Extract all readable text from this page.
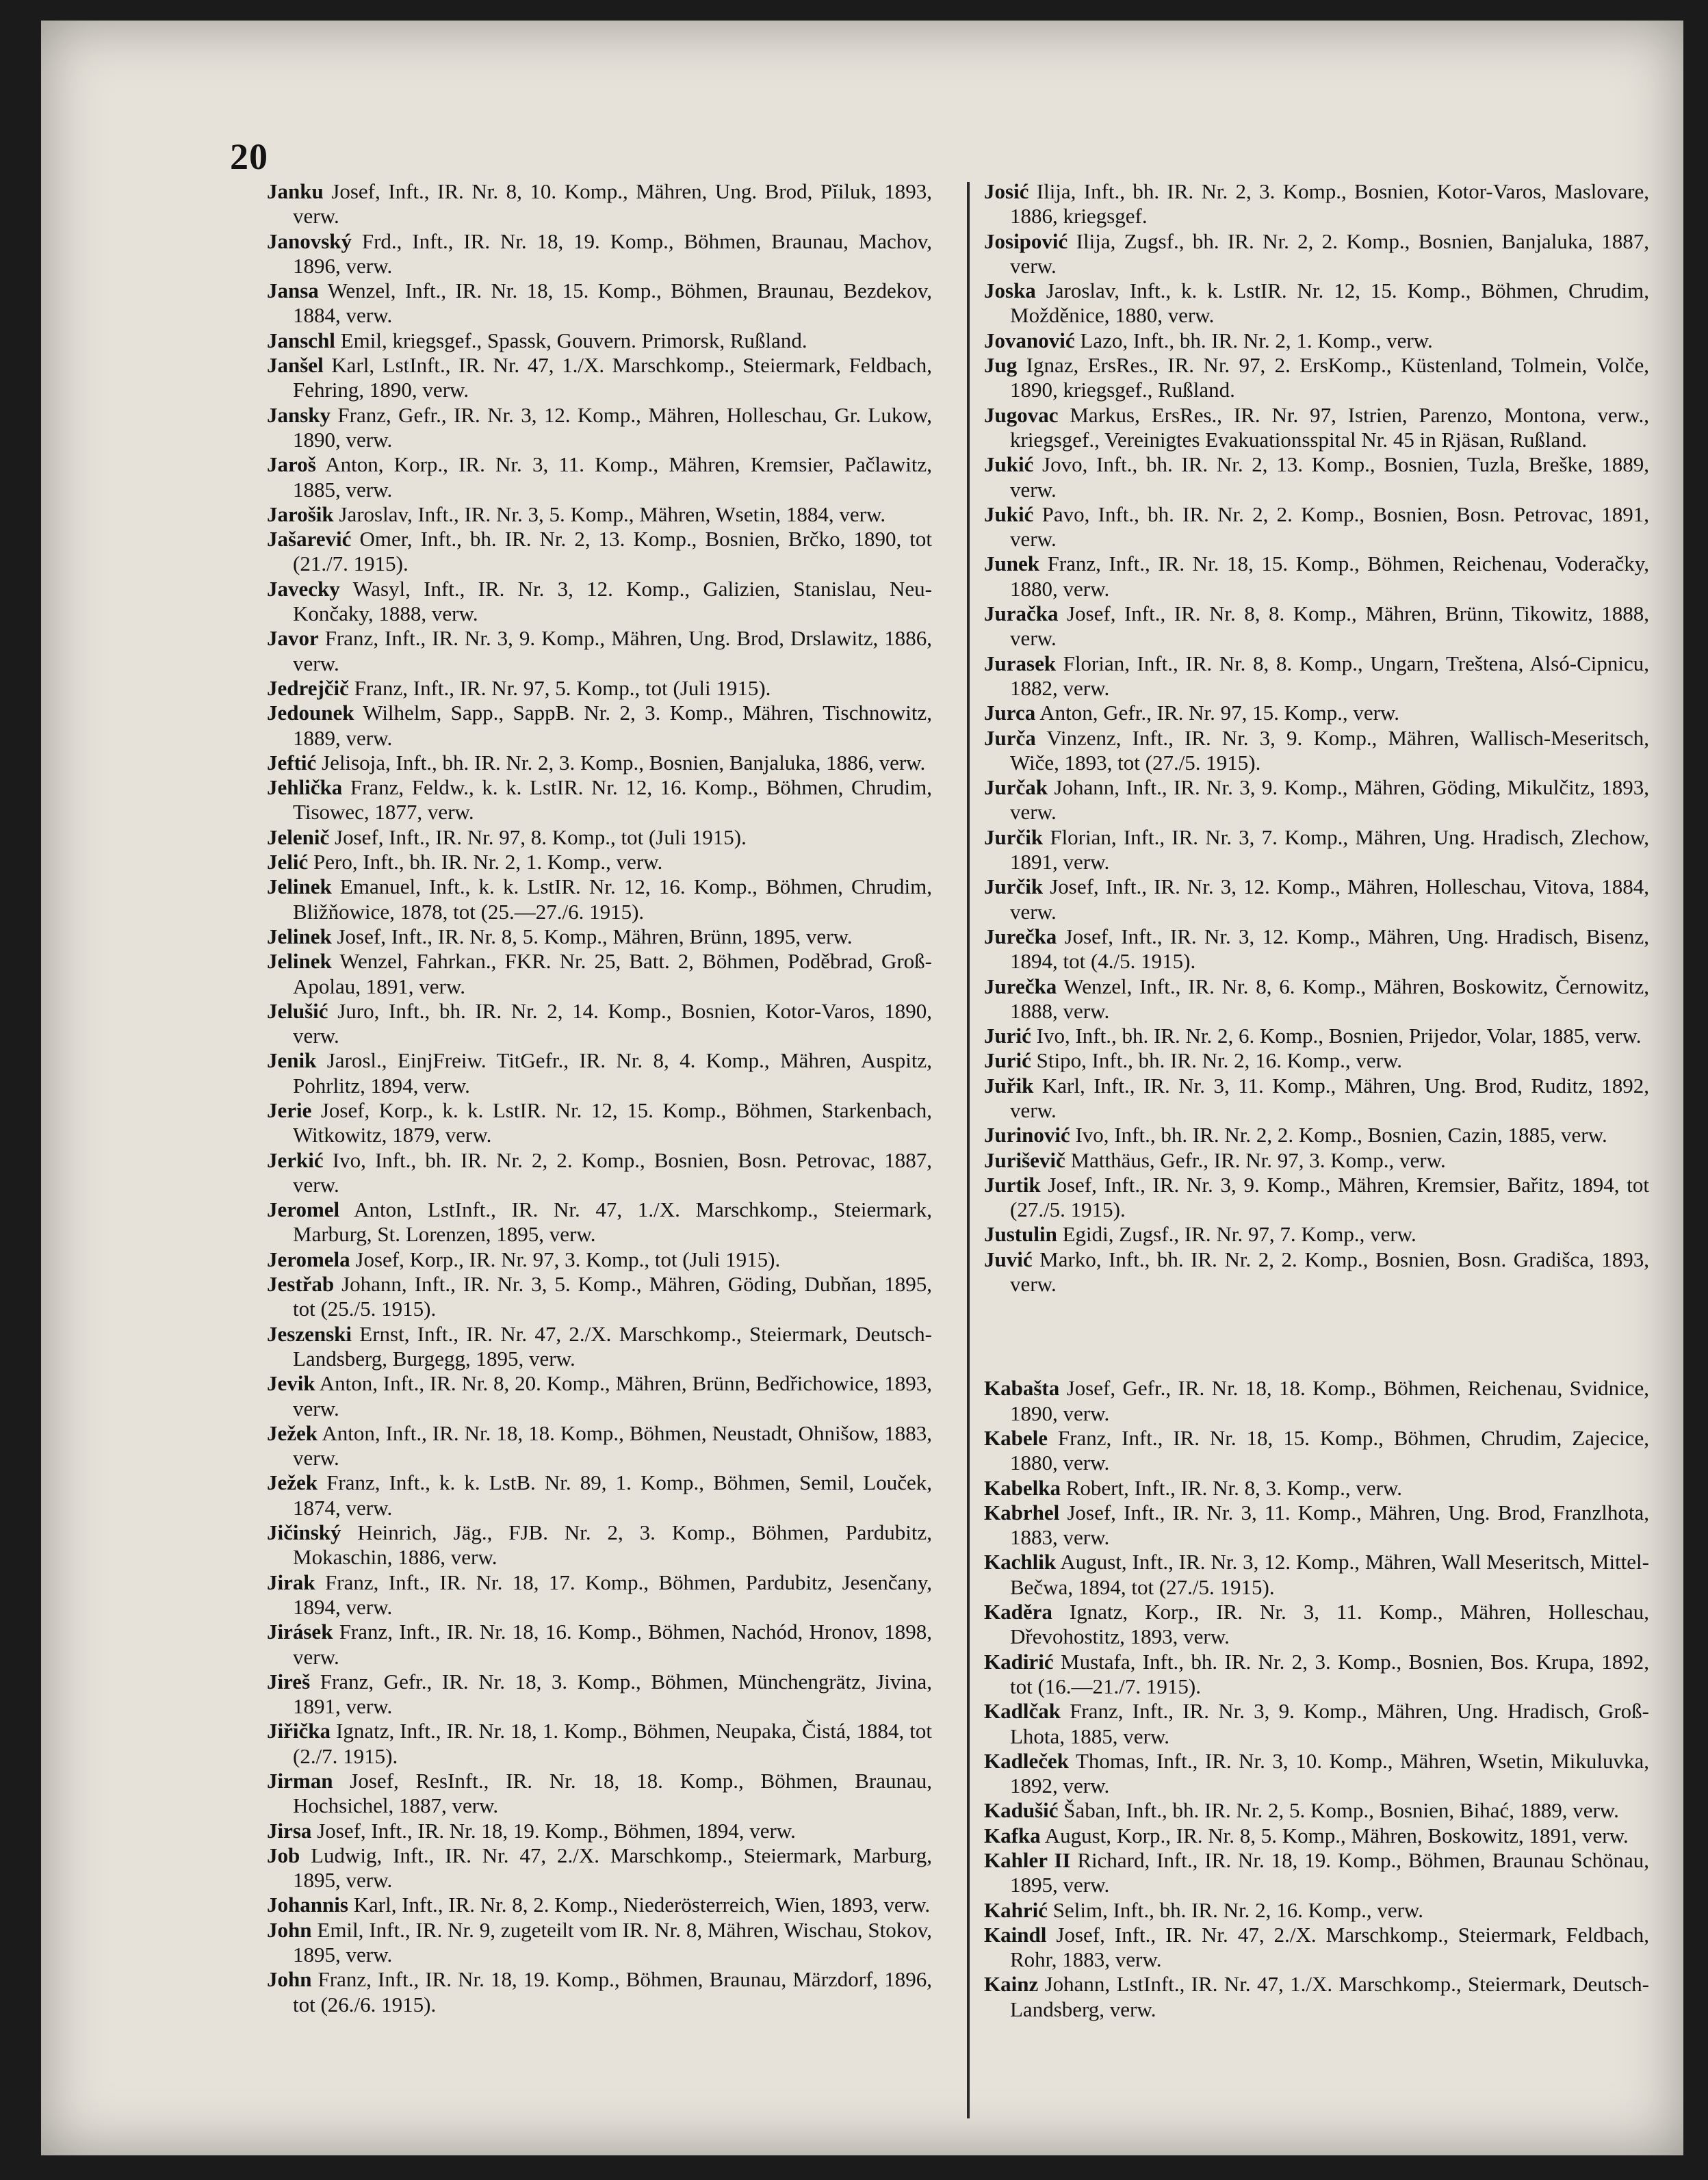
20

Janku Josef, Inft., IR. Nr. 8, 10. Komp., Mähren, Ung. Brod, Pĭiluk, 1893, verw.

Janovský Frd., Inft., IR. Nr. 18, 19. Komp., Böhmen, Braunau, Machov, 1896, verw.

Jansa Wenzel, Inft., IR. Nr. 18, 15. Komp., Böhmen, Braunau, Bezdekov, 1884, verw.

Janschl Emil, kriegsgef., Spassk, Gouvern. Primorsk, Rußland.

Janšel Karl, LstInft., IR. Nr. 47, 1./X. Marschkomp., Steiermark, Feldbach, Fehring, 1890, verw.

Jansky Franz, Gefr., IR. Nr. 3, 12. Komp., Mähren, Holleschau, Gr. Lukow, 1890, verw.

Jaroš Anton, Korp., IR. Nr. 3, 11. Komp., Mähren, Kremsier, Pačlawitz, 1885, verw.

Jarošik Jaroslav, Inft., IR. Nr. 3, 5. Komp., Mähren, Wsetin, 1884, verw.

Jašarević Omer, Inft., bh. IR. Nr. 2, 13. Komp., Bosnien, Brčko, 1890, tot (21./7. 1915).

Javecky Wasyl, Inft., IR. Nr. 3, 12. Komp., Galizien, Stanislau, Neu-Končaky, 1888, verw.

Javor Franz, Inft., IR. Nr. 3, 9. Komp., Mähren, Ung. Brod, Drslawitz, 1886, verw.

Jedrejčič Franz, Inft., IR. Nr. 97, 5. Komp., tot (Juli 1915).

Jedounek Wilhelm, Sapp., SappB. Nr. 2, 3. Komp., Mähren, Tischnowitz, 1889, verw.

Jeftić Jelisoja, Inft., bh. IR. Nr. 2, 3. Komp., Bosnien, Banjaluka, 1886, verw.

Jehlička Franz, Feldw., k. k. LstIR. Nr. 12, 16. Komp., Böhmen, Chrudim, Tisowec, 1877, verw.

Jelenič Josef, Inft., IR. Nr. 97, 8. Komp., tot (Juli 1915).

Jelić Pero, Inft., bh. IR. Nr. 2, 1. Komp., verw.

Jelinek Emanuel, Inft., k. k. LstIR. Nr. 12, 16. Komp., Böhmen, Chrudim, Bližňowice, 1878, tot (25.—27./6. 1915).

Jelinek Josef, Inft., IR. Nr. 8, 5. Komp., Mähren, Brünn, 1895, verw.

Jelinek Wenzel, Fahrkan., FKR. Nr. 25, Batt. 2, Böhmen, Poděbrad, Groß-Apolau, 1891, verw.

Jelušić Juro, Inft., bh. IR. Nr. 2, 14. Komp., Bosnien, Kotor-Varos, 1890, verw.

Jenik Jarosl., EinjFreiw. TitGefr., IR. Nr. 8, 4. Komp., Mähren, Auspitz, Pohrlitz, 1894, verw.

Jerie Josef, Korp., k. k. LstIR. Nr. 12, 15. Komp., Böhmen, Starkenbach, Witkowitz, 1879, verw.

Jerkić Ivo, Inft., bh. IR. Nr. 2, 2. Komp., Bosnien, Bosn. Petrovac, 1887, verw.

Jeromel Anton, LstInft., IR. Nr. 47, 1./X. Marschkomp., Steiermark, Marburg, St. Lorenzen, 1895, verw.

Jeromela Josef, Korp., IR. Nr. 97, 3. Komp., tot (Juli 1915).

Jestřab Johann, Inft., IR. Nr. 3, 5. Komp., Mähren, Göding, Dubňan, 1895, tot (25./5. 1915).

Jeszenski Ernst, Inft., IR. Nr. 47, 2./X. Marschkomp., Steiermark, Deutsch-Landsberg, Burgegg, 1895, verw.

Jevik Anton, Inft., IR. Nr. 8, 20. Komp., Mähren, Brünn, Bedřichowice, 1893, verw.

Ježek Anton, Inft., IR. Nr. 18, 18. Komp., Böhmen, Neustadt, Ohnišow, 1883, verw.

Ježek Franz, Inft., k. k. LstB. Nr. 89, 1. Komp., Böhmen, Semil, Louček, 1874, verw.

Jičinský Heinrich, Jäg., FJB. Nr. 2, 3. Komp., Böhmen, Pardubitz, Mokaschin, 1886, verw.

Jirak Franz, Inft., IR. Nr. 18, 17. Komp., Böhmen, Pardubitz, Jesenčany, 1894, verw.

Jirásek Franz, Inft., IR. Nr. 18, 16. Komp., Böhmen, Nachód, Hronov, 1898, verw.

Jireš Franz, Gefr., IR. Nr. 18, 3. Komp., Böhmen, Münchengrätz, Jivina, 1891, verw.

Jiřička Ignatz, Inft., IR. Nr. 18, 1. Komp., Böhmen, Neupaka, Čistá, 1884, tot (2./7. 1915).

Jirman Josef, ResInft., IR. Nr. 18, 18. Komp., Böhmen, Braunau, Hochsichel, 1887, verw.

Jirsa Josef, Inft., IR. Nr. 18, 19. Komp., Böhmen, 1894, verw.

Job Ludwig, Inft., IR. Nr. 47, 2./X. Marschkomp., Steiermark, Marburg, 1895, verw.

Johannis Karl, Inft., IR. Nr. 8, 2. Komp., Niederösterreich, Wien, 1893, verw.

John Emil, Inft., IR. Nr. 9, zugeteilt vom IR. Nr. 8, Mähren, Wischau, Stokov, 1895, verw.

John Franz, Inft., IR. Nr. 18, 19. Komp., Böhmen, Braunau, Märzdorf, 1896, tot (26./6. 1915).

Josić Ilija, Inft., bh. IR. Nr. 2, 3. Komp., Bosnien, Kotor-Varos, Maslovare, 1886, kriegsgef.

Josipović Ilija, Zugsf., bh. IR. Nr. 2, 2. Komp., Bosnien, Banjaluka, 1887, verw.

Joska Jaroslav, Inft., k. k. LstIR. Nr. 12, 15. Komp., Böhmen, Chrudim, Možděnice, 1880, verw.

Jovanović Lazo, Inft., bh. IR. Nr. 2, 1. Komp., verw.

Jug Ignaz, ErsRes., IR. Nr. 97, 2. ErsKomp., Küstenland, Tolmein, Volče, 1890, kriegsgef., Rußland.

Jugovac Markus, ErsRes., IR. Nr. 97, Istrien, Parenzo, Montona, verw., kriegsgef., Vereinigtes Evakuationsspital Nr. 45 in Rjäsan, Rußland.

Jukić Jovo, Inft., bh. IR. Nr. 2, 13. Komp., Bosnien, Tuzla, Breške, 1889, verw.

Jukić Pavo, Inft., bh. IR. Nr. 2, 2. Komp., Bosnien, Bosn. Petrovac, 1891, verw.

Junek Franz, Inft., IR. Nr. 18, 15. Komp., Böhmen, Reichenau, Voderačky, 1880, verw.

Juračka Josef, Inft., IR. Nr. 8, 8. Komp., Mähren, Brünn, Tikowitz, 1888, verw.

Jurasek Florian, Inft., IR. Nr. 8, 8. Komp., Ungarn, Treštena, Alsó-Cipnicu, 1882, verw.

Jurca Anton, Gefr., IR. Nr. 97, 15. Komp., verw.

Jurča Vinzenz, Inft., IR. Nr. 3, 9. Komp., Mähren, Wallisch-Meseritsch, Wiče, 1893, tot (27./5. 1915).

Jurčak Johann, Inft., IR. Nr. 3, 9. Komp., Mähren, Göding, Mikulčitz, 1893, verw.

Jurčik Florian, Inft., IR. Nr. 3, 7. Komp., Mähren, Ung. Hradisch, Zlechow, 1891, verw.

Jurčik Josef, Inft., IR. Nr. 3, 12. Komp., Mähren, Holleschau, Vitova, 1884, verw.

Jurečka Josef, Inft., IR. Nr. 3, 12. Komp., Mähren, Ung. Hradisch, Bisenz, 1894, tot (4./5. 1915).

Jurečka Wenzel, Inft., IR. Nr. 8, 6. Komp., Mähren, Boskowitz, Černowitz, 1888, verw.

Jurić Ivo, Inft., bh. IR. Nr. 2, 6. Komp., Bosnien, Prijedor, Volar, 1885, verw.

Jurić Stipo, Inft., bh. IR. Nr. 2, 16. Komp., verw.

Juřik Karl, Inft., IR. Nr. 3, 11. Komp., Mähren, Ung. Brod, Ruditz, 1892, verw.

Jurinović Ivo, Inft., bh. IR. Nr. 2, 2. Komp., Bosnien, Cazin, 1885, verw.

Juriševič Matthäus, Gefr., IR. Nr. 97, 3. Komp., verw.

Jurtik Josef, Inft., IR. Nr. 3, 9. Komp., Mähren, Kremsier, Bařitz, 1894, tot (27./5. 1915).

Justulin Egidi, Zugsf., IR. Nr. 97, 7. Komp., verw.

Juvić Marko, Inft., bh. IR. Nr. 2, 2. Komp., Bosnien, Bosn. Gradišca, 1893, verw.

Kabašta Josef, Gefr., IR. Nr. 18, 18. Komp., Böhmen, Reichenau, Svidnice, 1890, verw.

Kabele Franz, Inft., IR. Nr. 18, 15. Komp., Böhmen, Chrudim, Zajecice, 1880, verw.

Kabelka Robert, Inft., IR. Nr. 8, 3. Komp., verw.

Kabrhel Josef, Inft., IR. Nr. 3, 11. Komp., Mähren, Ung. Brod, Franzlhota, 1883, verw.

Kachlik August, Inft., IR. Nr. 3, 12. Komp., Mähren, Wall Meseritsch, Mittel-Bečwa, 1894, tot (27./5. 1915).

Kaděra Ignatz, Korp., IR. Nr. 3, 11. Komp., Mähren, Holleschau, Dřevohostitz, 1893, verw.

Kadirić Mustafa, Inft., bh. IR. Nr. 2, 3. Komp., Bosnien, Bos. Krupa, 1892, tot (16.—21./7. 1915).

Kadlčak Franz, Inft., IR. Nr. 3, 9. Komp., Mähren, Ung. Hradisch, Groß-Lhota, 1885, verw.

Kadleček Thomas, Inft., IR. Nr. 3, 10. Komp., Mähren, Wsetin, Mikuluvka, 1892, verw.

Kadušić Šaban, Inft., bh. IR. Nr. 2, 5. Komp., Bosnien, Bihać, 1889, verw.

Kafka August, Korp., IR. Nr. 8, 5. Komp., Mähren, Boskowitz, 1891, verw.

Kahler II Richard, Inft., IR. Nr. 18, 19. Komp., Böhmen, Braunau Schönau, 1895, verw.

Kahrić Selim, Inft., bh. IR. Nr. 2, 16. Komp., verw.

Kaindl Josef, Inft., IR. Nr. 47, 2./X. Marschkomp., Steiermark, Feldbach, Rohr, 1883, verw.

Kainz Johann, LstInft., IR. Nr. 47, 1./X. Marschkomp., Steiermark, Deutsch-Landsberg, verw.
